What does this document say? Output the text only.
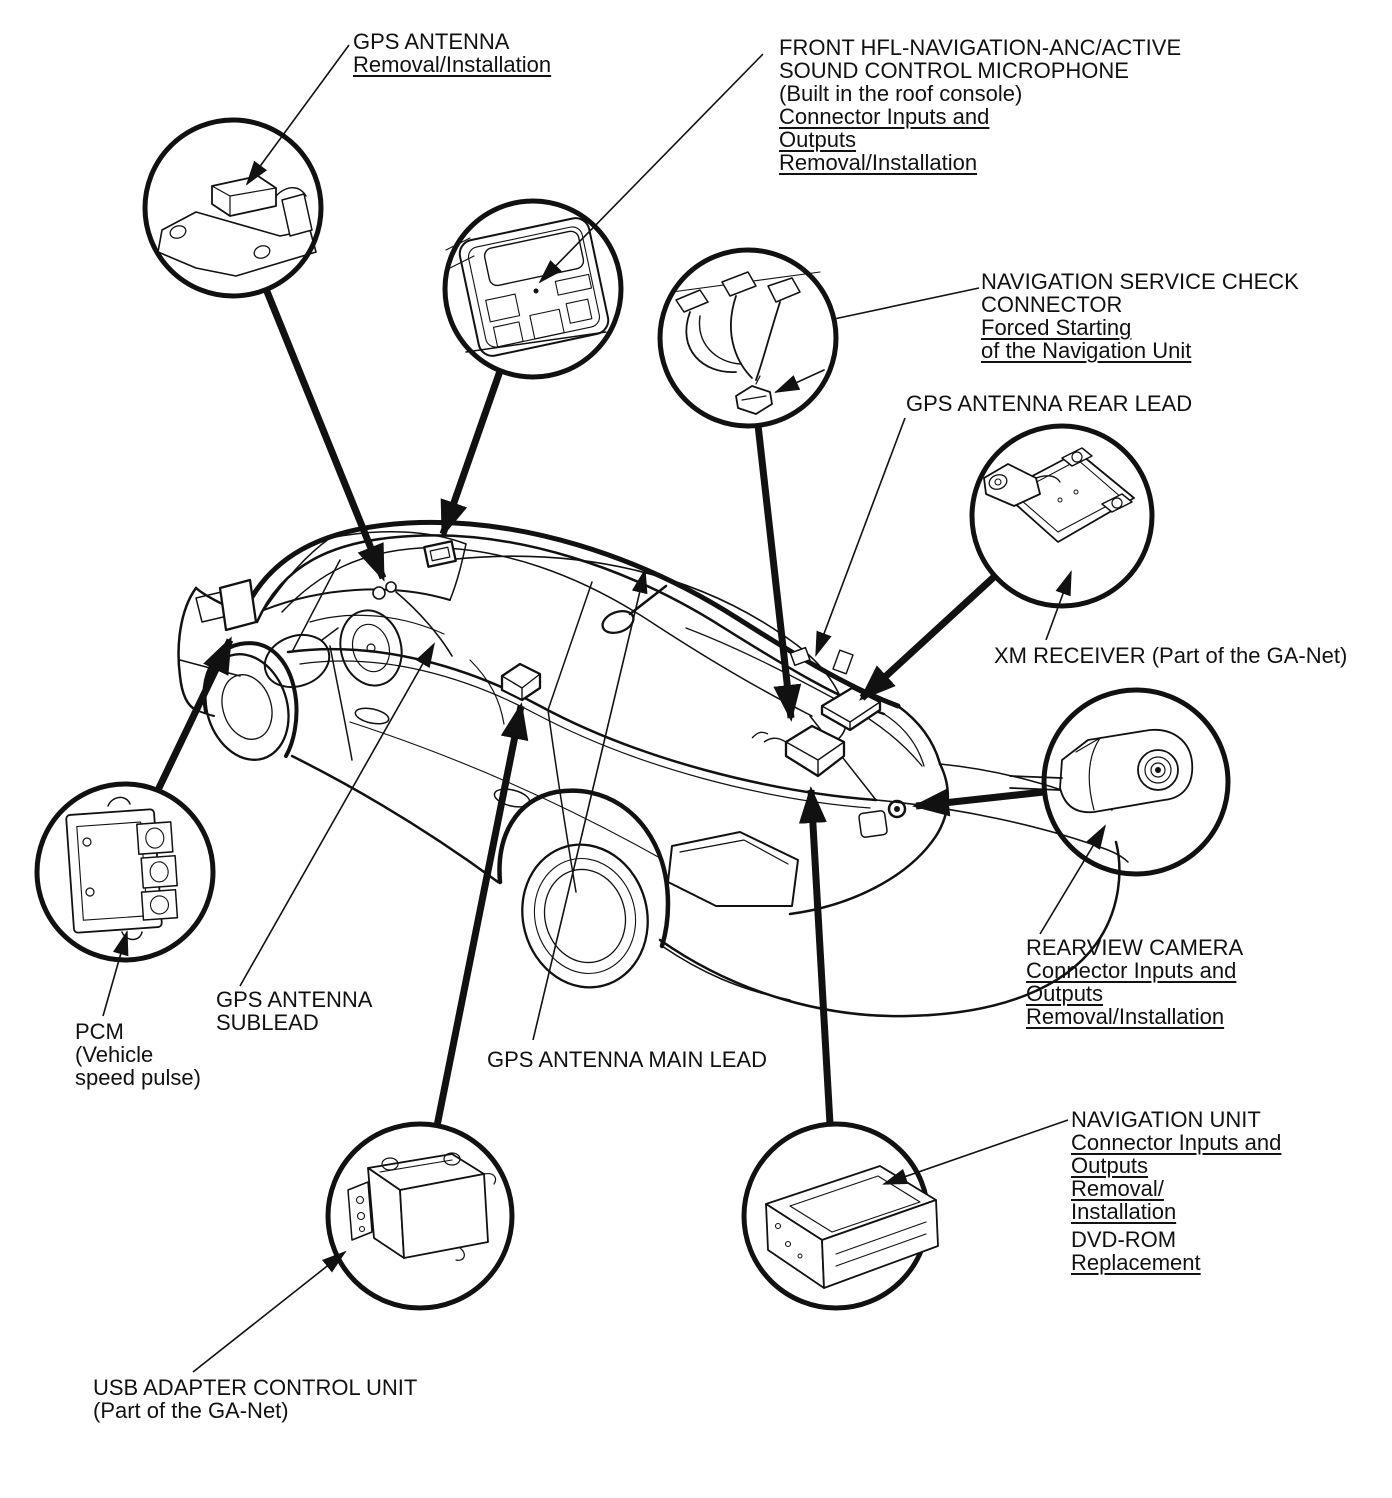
GPS ANTENNA
Removal/Installation
FRONT HFL-NAVIGATION-ANC/ACTIVE
SOUND CONTROL MICROPHONE
(Built in the roof console)
Connector Inputs and
Outputs
Removal/Installation
NAVIGATION SERVICE CHECK
CONNECTOR
Forced Starting
of the Navigation Unit
GPS ANTENNA REAR LEAD
XM RECEIVER (Part of the GA-Net)
REARVIEW CAMERA
Connector Inputs and
Outputs
Removal/Installation
PCM
(Vehicle
speed pulse)
GPS ANTENNA
SUBLEAD
GPS ANTENNA MAIN LEAD
NAVIGATION UNIT
Connector Inputs and
Outputs
Removal/
Installation
DVD-ROM
Replacement
USB ADAPTER CONTROL UNIT
(Part of the GA-Net)
